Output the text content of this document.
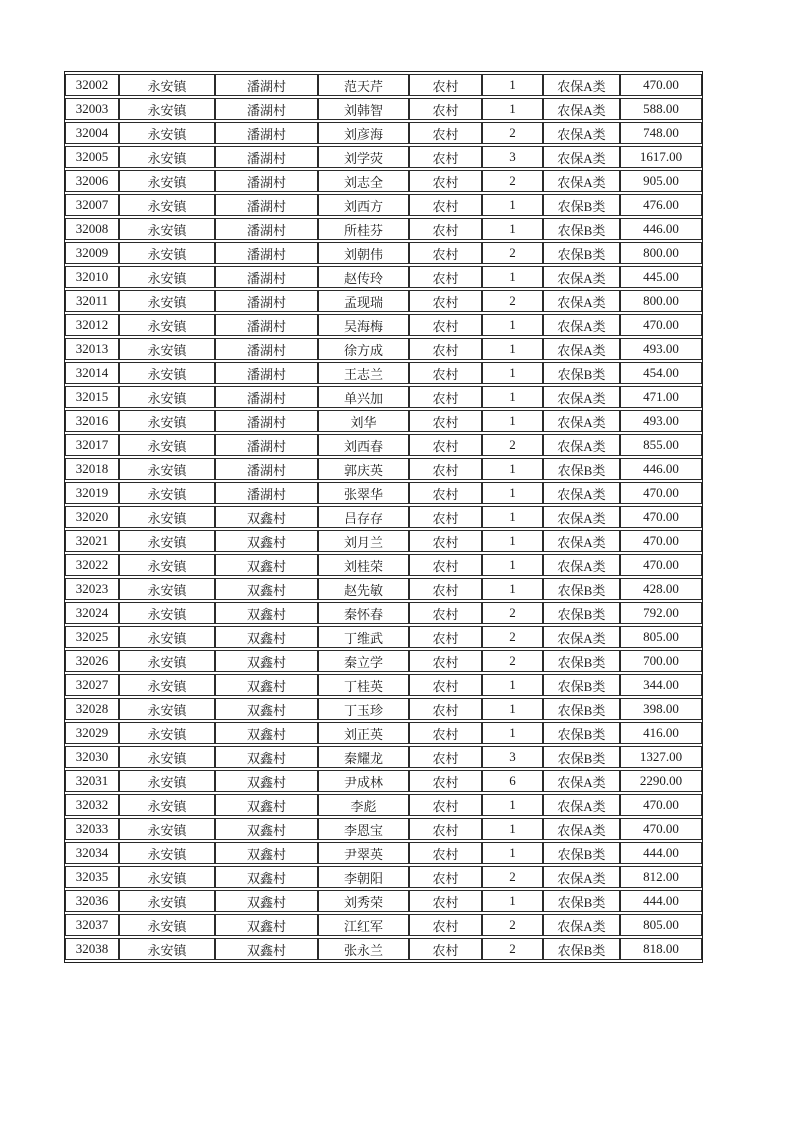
32002	永安镇	潘湖村	范天芹	农村	1	农保A类	470.00
32003	永安镇	潘湖村	刘韩智	农村	1	农保A类	588.00
32004	永安镇	潘湖村	刘彦海	农村	2	农保A类	748.00
32005	永安镇	潘湖村	刘学荧	农村	3	农保A类	1617.00
32006	永安镇	潘湖村	刘志全	农村	2	农保A类	905.00
32007	永安镇	潘湖村	刘西方	农村	1	农保B类	476.00
32008	永安镇	潘湖村	所桂芬	农村	1	农保B类	446.00
32009	永安镇	潘湖村	刘朝伟	农村	2	农保B类	800.00
32010	永安镇	潘湖村	赵传玲	农村	1	农保A类	445.00
32011	永安镇	潘湖村	孟现瑞	农村	2	农保A类	800.00
32012	永安镇	潘湖村	吴海梅	农村	1	农保A类	470.00
32013	永安镇	潘湖村	徐方成	农村	1	农保A类	493.00
32014	永安镇	潘湖村	王志兰	农村	1	农保B类	454.00
32015	永安镇	潘湖村	单兴加	农村	1	农保A类	471.00
32016	永安镇	潘湖村	刘华	农村	1	农保A类	493.00
32017	永安镇	潘湖村	刘西春	农村	2	农保A类	855.00
32018	永安镇	潘湖村	郭庆英	农村	1	农保B类	446.00
32019	永安镇	潘湖村	张翠华	农村	1	农保A类	470.00
32020	永安镇	双鑫村	吕存存	农村	1	农保A类	470.00
32021	永安镇	双鑫村	刘月兰	农村	1	农保A类	470.00
32022	永安镇	双鑫村	刘桂荣	农村	1	农保A类	470.00
32023	永安镇	双鑫村	赵先敏	农村	1	农保B类	428.00
32024	永安镇	双鑫村	秦怀春	农村	2	农保B类	792.00
32025	永安镇	双鑫村	丁维武	农村	2	农保A类	805.00
32026	永安镇	双鑫村	秦立学	农村	2	农保B类	700.00
32027	永安镇	双鑫村	丁桂英	农村	1	农保B类	344.00
32028	永安镇	双鑫村	丁玉珍	农村	1	农保B类	398.00
32029	永安镇	双鑫村	刘正英	农村	1	农保B类	416.00
32030	永安镇	双鑫村	秦耀龙	农村	3	农保B类	1327.00
32031	永安镇	双鑫村	尹成林	农村	6	农保A类	2290.00
32032	永安镇	双鑫村	李彪	农村	1	农保A类	470.00
32033	永安镇	双鑫村	李恩宝	农村	1	农保A类	470.00
32034	永安镇	双鑫村	尹翠英	农村	1	农保B类	444.00
32035	永安镇	双鑫村	李朝阳	农村	2	农保A类	812.00
32036	永安镇	双鑫村	刘秀荣	农村	1	农保B类	444.00
32037	永安镇	双鑫村	江红军	农村	2	农保A类	805.00
32038	永安镇	双鑫村	张永兰	农村	2	农保B类	818.00
